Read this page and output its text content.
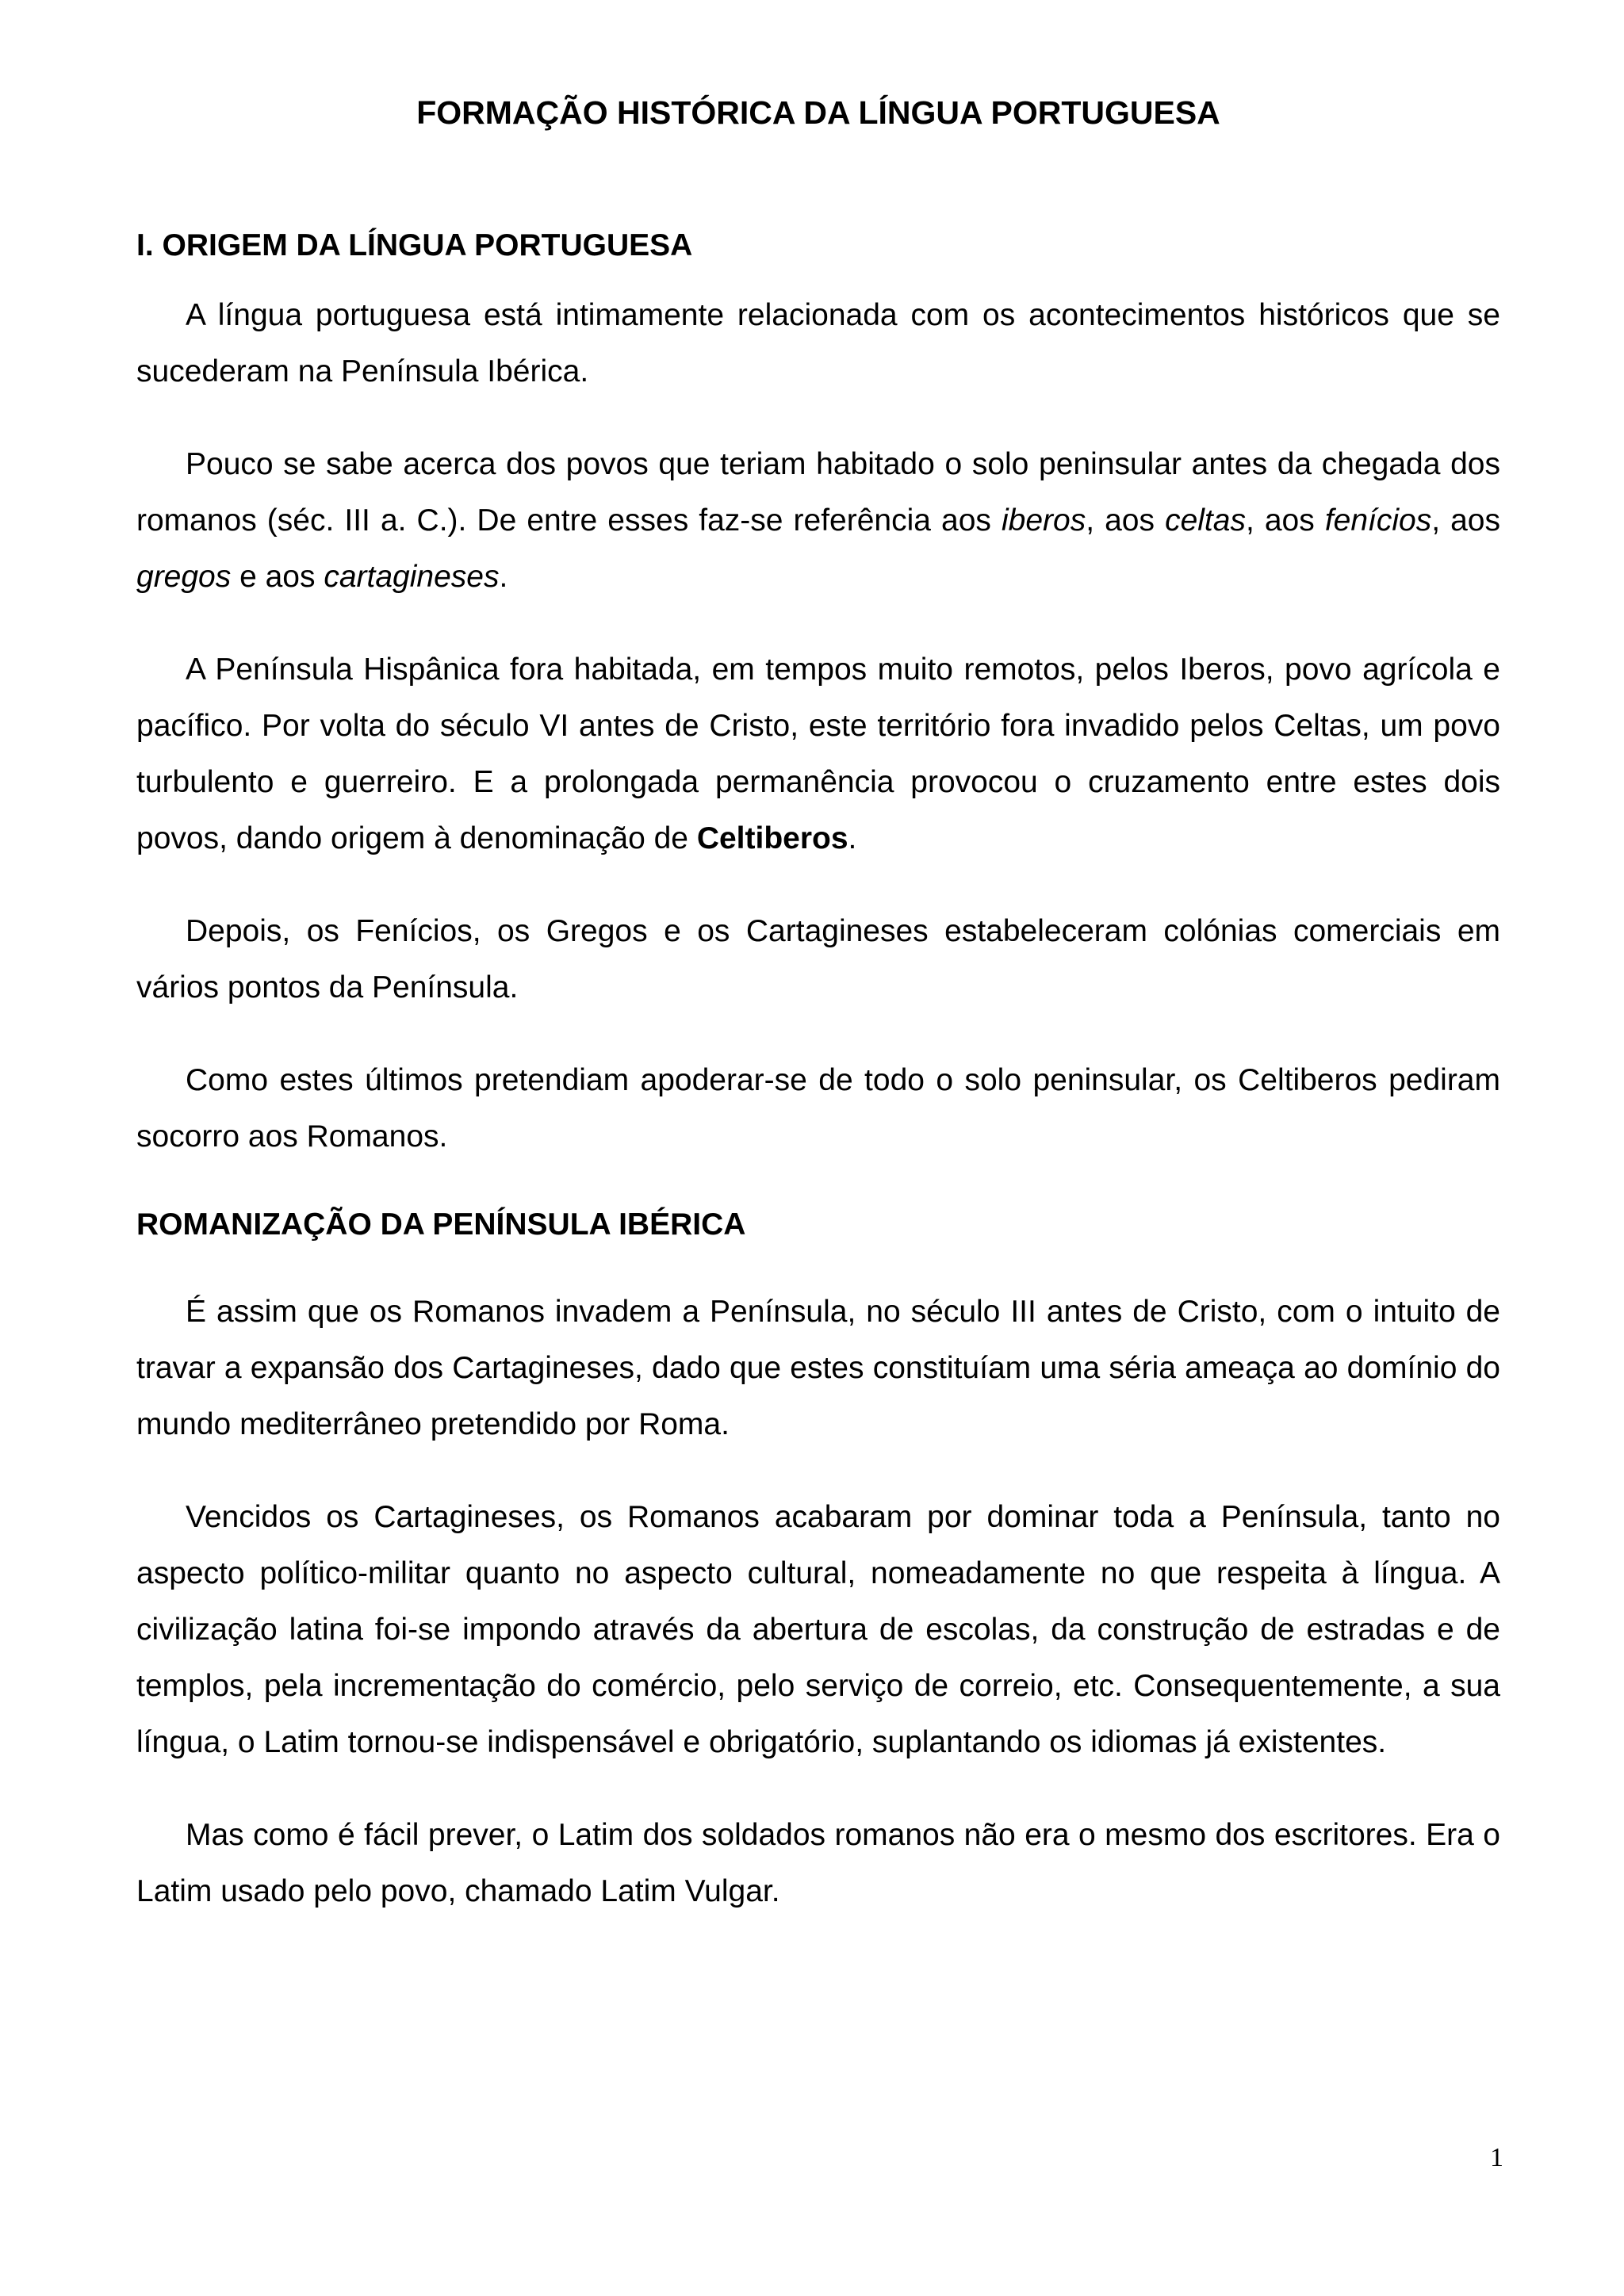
FORMAÇÃO HISTÓRICA DA LÍNGUA PORTUGUESA
I. ORIGEM DA LÍNGUA PORTUGUESA

A língua portuguesa está intimamente relacionada com os acontecimentos históricos que se sucederam na Península Ibérica.

Pouco se sabe acerca dos povos que teriam habitado o solo peninsular antes da chegada dos romanos (séc. III a. C.). De entre esses faz-se referência aos iberos, aos celtas, aos fenícios, aos gregos e aos cartagineses.

A Península Hispânica fora habitada, em tempos muito remotos, pelos Iberos, povo agrícola e pacífico. Por volta do século VI antes de Cristo, este território fora invadido pelos Celtas, um povo turbulento e guerreiro. E a prolongada permanência provocou o cruzamento entre estes dois povos, dando origem à denominação de Celtiberos.

Depois, os Fenícios, os Gregos e os Cartagineses estabeleceram colónias comerciais em vários pontos da Península.

Como estes últimos pretendiam apoderar-se de todo o solo peninsular, os Celtiberos pediram socorro aos Romanos.

ROMANIZAÇÃO DA PENÍNSULA IBÉRICA

É assim que os Romanos invadem a Península, no século III antes de Cristo, com o intuito de travar a expansão dos Cartagineses, dado que estes constituíam uma séria ameaça ao domínio do mundo mediterrâneo pretendido por Roma.

Vencidos os Cartagineses, os Romanos acabaram por dominar toda a Península, tanto no aspecto político-militar quanto no aspecto cultural, nomeadamente no que respeita à língua. A civilização latina foi-se impondo através da abertura de escolas, da construção de estradas e de templos, pela incrementação do comércio, pelo serviço de correio, etc. Consequentemente, a sua língua, o Latim tornou-se indispensável e obrigatório, suplantando os idiomas já existentes.

Mas como é fácil prever, o Latim dos soldados romanos não era o mesmo dos escritores. Era o Latim usado pelo povo, chamado Latim Vulgar.

1
